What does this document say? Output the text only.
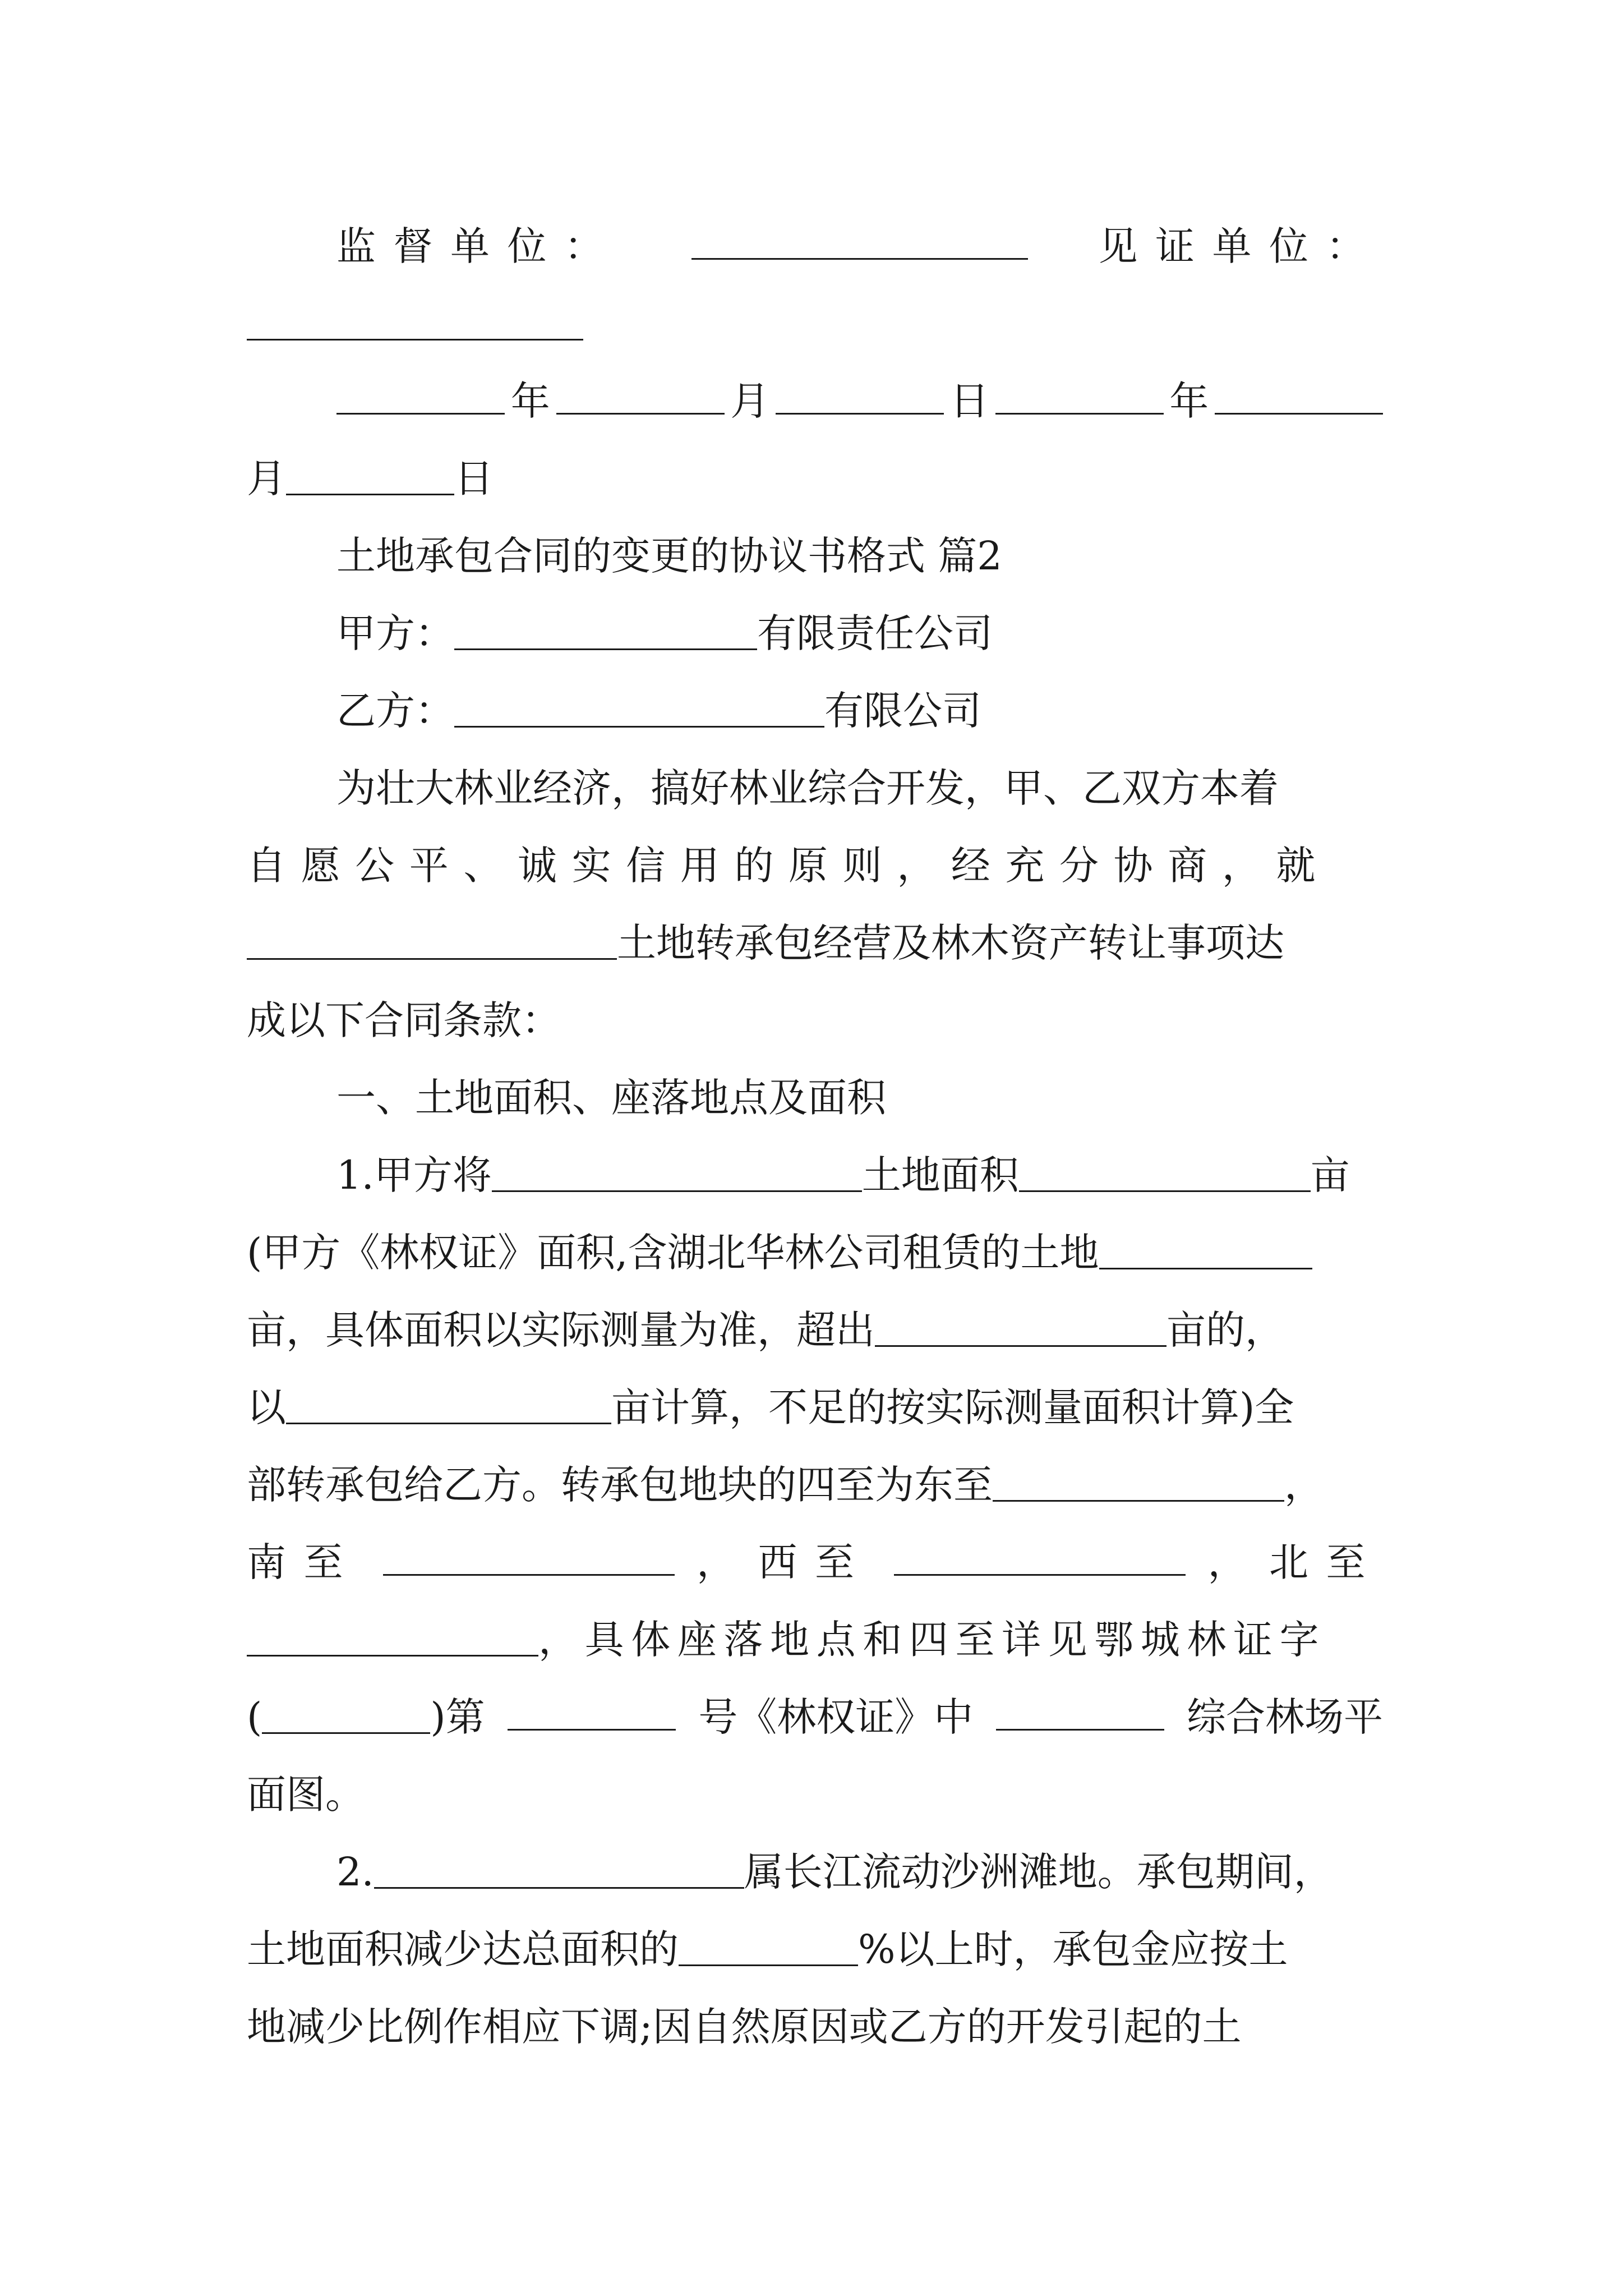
监督单位：	见证单位：
年	月	日	年
月	日
土地承包合同的变更的协议书格式 篇2
甲方：	有限责任公司
乙方：	有限公司
为壮大林业经济，搞好林业综合开发，甲、乙双方本着
自愿公平、诚实信用的原则，经充分协商，就
土地转承包经营及林木资产转让事项达
成以下合同条款：
一、土地面积、座落地点及面积
1.甲方将	土地面积	亩
(甲方《林权证》面积,含湖北华林公司租赁的土地
亩，具体面积以实际测量为准，超出	亩的，
以	亩计算，不足的按实际测量面积计算)全
部转承包给乙方。转承包地块的四至为东至	，
南至	， 西至	， 北至
，具体座落地点和四至详见鄂城林证字
(	)第	号《林权证》中	综合林场平
面图。
2.	属长江流动沙洲滩地。承包期间，
土地面积减少达总面积的	%以上时，承包金应按土
地减少比例作相应下调;因自然原因或乙方的开发引起的土
